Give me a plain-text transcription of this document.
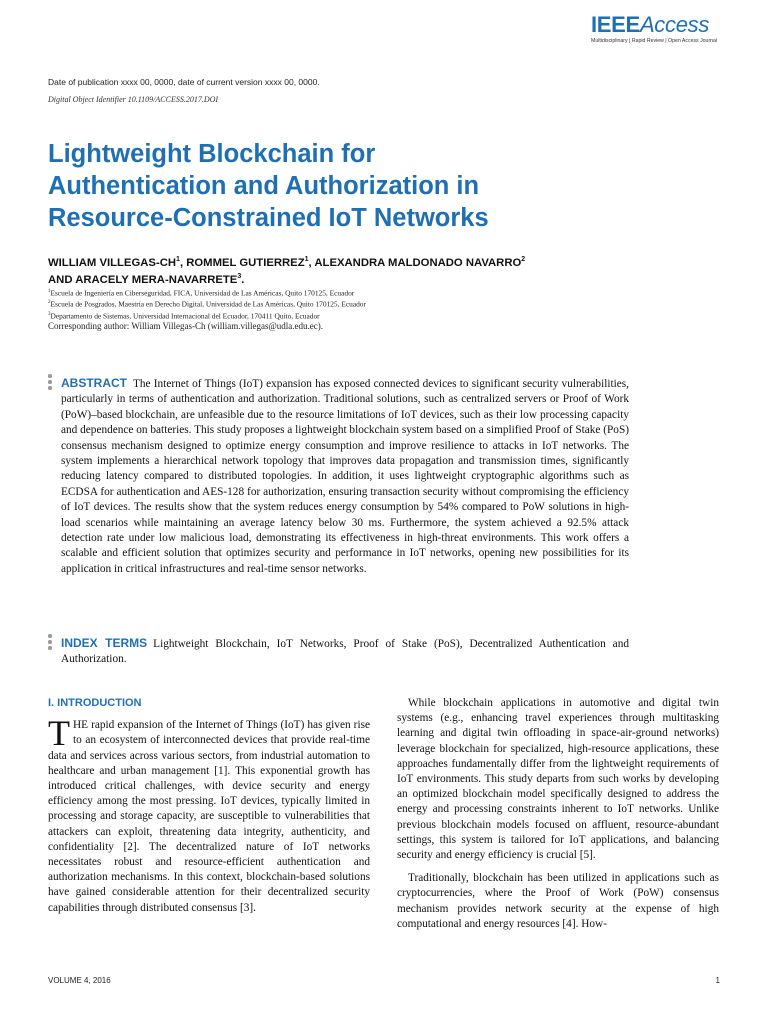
IEEEAccess
Multidisciplinary | Rapid Review | Open Access Journal
Date of publication xxxx 00, 0000, date of current version xxxx 00, 0000.
Digital Object Identifier 10.1109/ACCESS.2017.DOI
Lightweight Blockchain for
Authentication and Authorization in
Resource-Constrained IoT Networks
WILLIAM VILLEGAS-$CH^1$, ROMMEL GUTIERREZ$^1$, ALEXANDRA MALDONADO NAVARRO$^2$
AND ARACELY MERA-NAVARRETE$^3$.
$^1$Escuela de Ingeniería en Ciberseguridad, FICA, Universidad de Las Américas, Quito 170125, Ecuador
$^2$Escuela de Posgrados, Maestría en Derecho Digital, Universidad de Las Américas, Quito 170125, Ecuador
$^3$Departamento de Sistemas, Universidad Internacional del Ecuador, 170411 Quito, Ecuador
Corresponding author: William Villegas-Ch (william.villegas@udla.edu.ec).

ABSTRACT The Internet of Things (IoT) expansion has exposed connected devices to significant security vulnerabilities, particularly in terms of authentication and authorization. Traditional solutions, such as centralized servers or Proof of Work (PoW)–based blockchain, are unfeasible due to the resource limitations of IoT devices, such as their low processing capacity and dependence on batteries. This study proposes a lightweight blockchain system based on a simplified Proof of Stake (PoS) consensus mechanism designed to optimize energy consumption and improve resilience to attacks in IoT networks. The system implements a hierarchical network topology that improves data propagation and transmission times, significantly reducing latency compared to distributed topologies. In addition, it uses lightweight cryptographic algorithms such as ECDSA for authentication and AES-128 for authorization, ensuring transaction security without compromising the efficiency of IoT devices. The results show that the system reduces energy consumption by 54% compared to PoW solutions in high-load scenarios while maintaining an average latency below 30 ms. Furthermore, the system achieved a 92.5% attack detection rate under low malicious load, demonstrating its effectiveness in high-threat environments. This work offers a scalable and efficient solution that optimizes security and performance in IoT networks, opening new possibilities for its application in critical infrastructures and real-time sensor networks.

INDEX TERMS Lightweight Blockchain, IoT Networks, Proof of Stake (PoS), Decentralized Authentication and Authorization.

I. INTRODUCTION

THE rapid expansion of the Internet of Things (IoT) has given rise to an ecosystem of interconnected devices that provide real-time data and services across various sectors, from industrial automation to healthcare and urban management [1]. This exponential growth has introduced critical challenges, with device security and energy efficiency among the most pressing. IoT devices, typically limited in processing and storage capacity, are susceptible to vulnerabilities that attackers can exploit, threatening data integrity, authenticity, and confidentiality [2]. The decentralized nature of IoT networks necessitates robust and resource-efficient authentication and authorization mechanisms. In this context, blockchain-based solutions have gained considerable attention for their decentralized security capabilities through distributed consensus [3].

While blockchain applications in automotive and digital twin systems (e.g., enhancing travel experiences through multitasking learning and digital twin offloading in space-air-ground networks) leverage blockchain for specialized, high-resource applications, these approaches fundamentally differ from the lightweight requirements of IoT environments. This study departs from such works by developing an optimized blockchain model specifically designed to address the energy and processing constraints inherent to IoT networks. Unlike previous blockchain models focused on affluent, resource-abundant settings, this system is tailored for IoT applications, and balancing security and energy efficiency is crucial [5].

Traditionally, blockchain has been utilized in applications such as cryptocurrencies, where the Proof of Work (PoW) consensus mechanism provides network security at the expense of high computational and energy resources [4]. How-

VOLUME 4, 2016	1
